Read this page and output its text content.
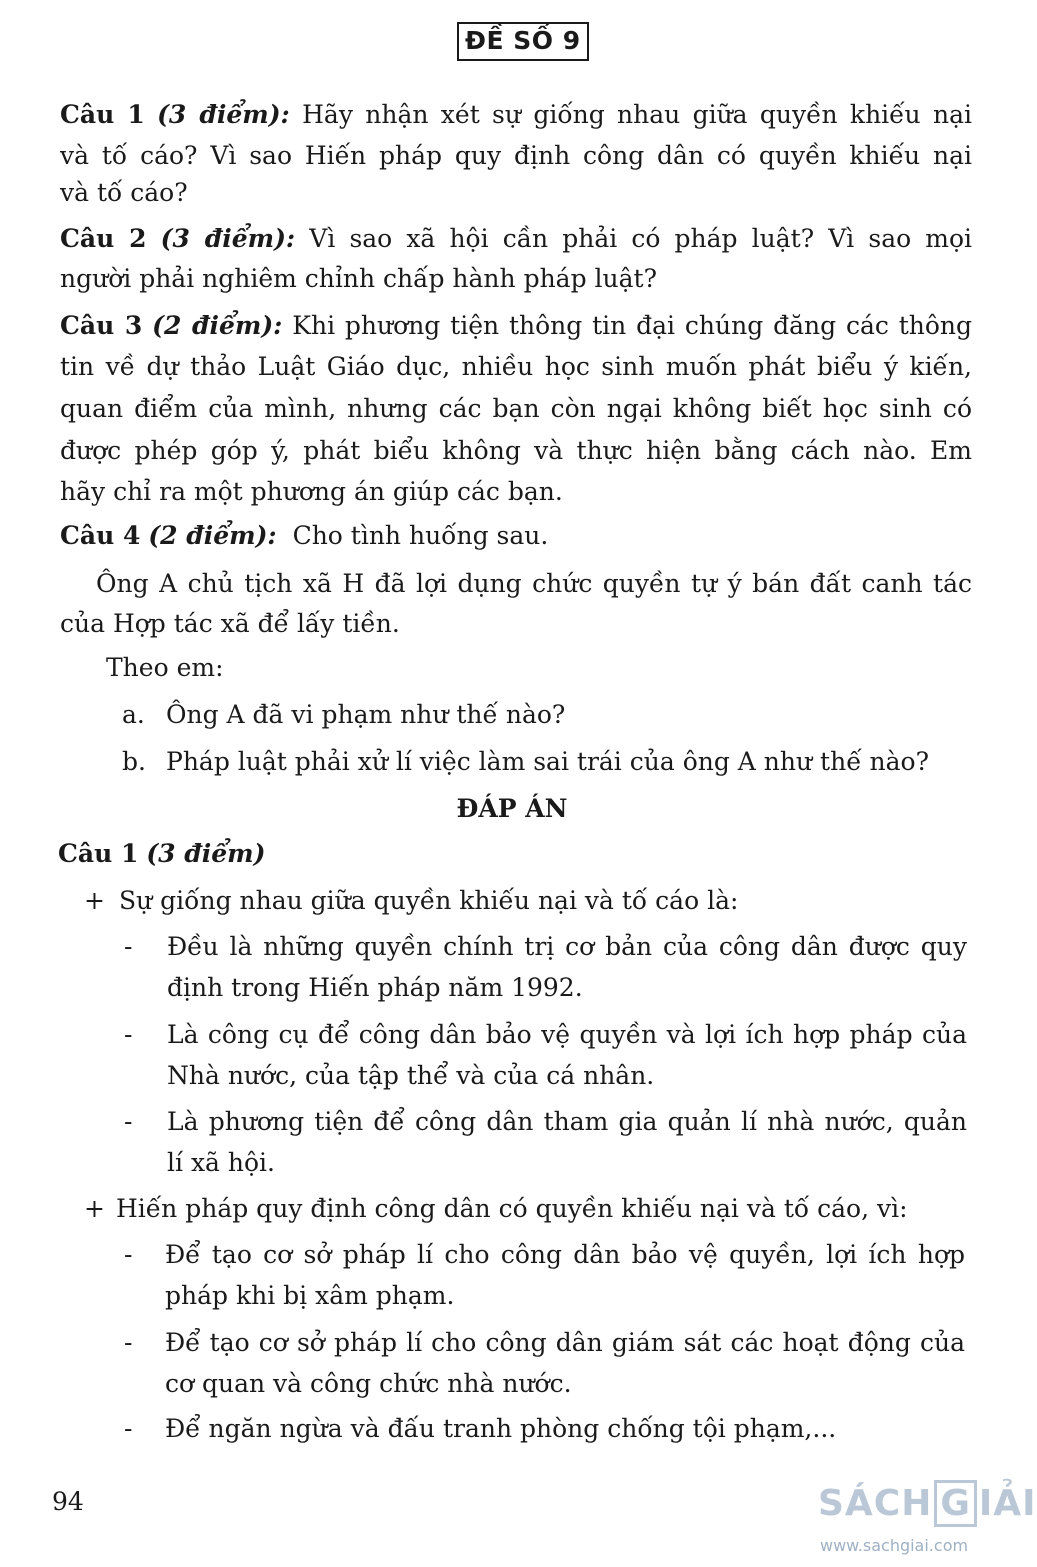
ĐỀ SỐ 9
Câu 1 (3 điểm): Hãy nhận xét sự giống nhau giữa quyền khiếu nại
và tố cáo? Vì sao Hiến pháp quy định công dân có quyền khiếu nại
và tố cáo?
Câu 2 (3 điểm): Vì sao xã hội cần phải có pháp luật? Vì sao mọi
người phải nghiêm chỉnh chấp hành pháp luật?
Câu 3 (2 điểm): Khi phương tiện thông tin đại chúng đăng các thông
tin về dự thảo Luật Giáo dục, nhiều học sinh muốn phát biểu ý kiến,
quan điểm của mình, nhưng các bạn còn ngại không biết học sinh có
được phép góp ý, phát biểu không và thực hiện bằng cách nào. Em
hãy chỉ ra một phương án giúp các bạn.
Câu 4 (2 điểm): Cho tình huống sau.
Ông A chủ tịch xã H đã lợi dụng chức quyền tự ý bán đất canh tác
của Hợp tác xã để lấy tiền.
Theo em:
a. Ông A đã vi phạm như thế nào?
b. Pháp luật phải xử lí việc làm sai trái của ông A như thế nào?
ĐÁP ÁN
Câu 1 (3 điểm)
+ Sự giống nhau giữa quyền khiếu nại và tố cáo là:
- Đều là những quyền chính trị cơ bản của công dân được quy
định trong Hiến pháp năm 1992.
- Là công cụ để công dân bảo vệ quyền và lợi ích hợp pháp của
Nhà nước, của tập thể và của cá nhân.
- Là phương tiện để công dân tham gia quản lí nhà nước, quản
lí xã hội.
+ Hiến pháp quy định công dân có quyền khiếu nại và tố cáo, vì:
- Để tạo cơ sở pháp lí cho công dân bảo vệ quyền, lợi ích hợp
pháp khi bị xâm phạm.
- Để tạo cơ sở pháp lí cho công dân giám sát các hoạt động của
cơ quan và công chức nhà nước.
- Để ngăn ngừa và đấu tranh phòng chống tội phạm,...
94	SÁCH G IẢI
www.sachgiai.com
